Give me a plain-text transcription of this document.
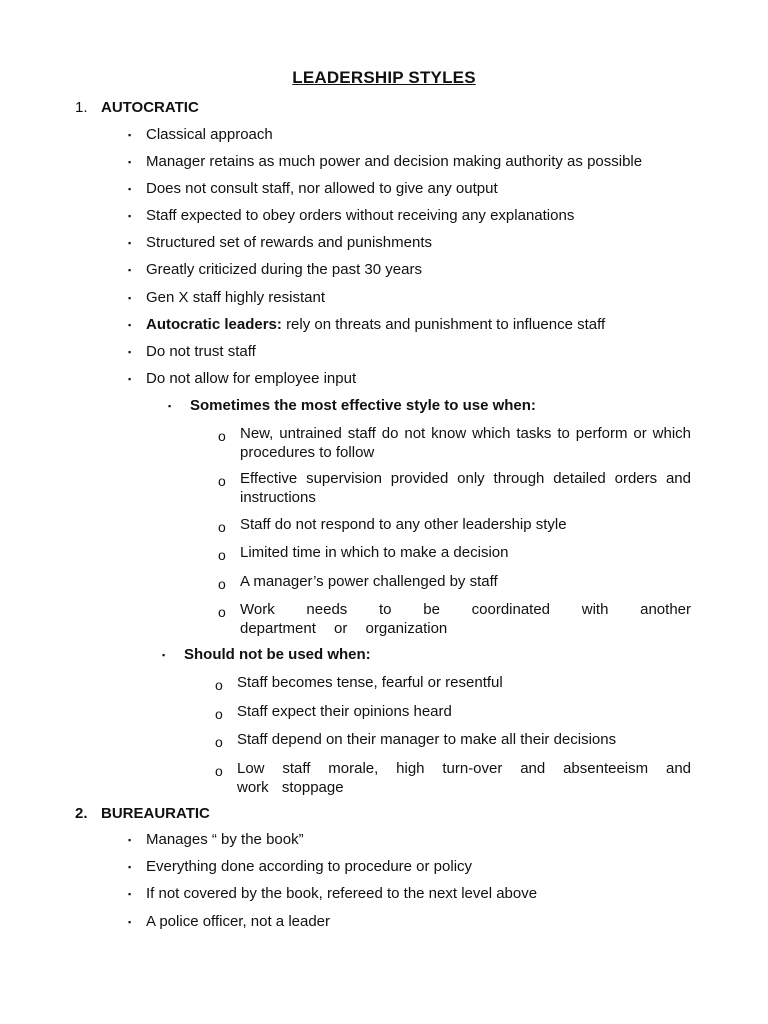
LEADERSHIP STYLES
1. AUTOCRATIC
▪ Classical approach
▪ Manager retains as much power and decision making authority as possible
▪ Does not consult staff, nor allowed to give any output
▪ Staff expected to obey orders without receiving any explanations
▪ Structured set of rewards and punishments
▪ Greatly criticized during the past 30 years
▪ Gen X staff highly resistant
▪ Autocratic leaders: rely on threats and punishment to influence staff
▪ Do not trust staff
▪ Do not allow for employee input
▪ Sometimes the most effective style to use when:
o New, untrained staff do not know which tasks to perform or which procedures to follow
o Effective supervision provided only through detailed orders and instructions
o Staff do not respond to any other leadership style
o Limited time in which to make a decision
o A manager’s power challenged by staff
o Work needs to be coordinated with another department or organization
▪ Should not be used when:
o Staff becomes tense, fearful or resentful
o Staff expect their opinions heard
o Staff depend on their manager to make all their decisions
o Low staff morale, high turn-over and absenteeism and work stoppage
2. BUREAURATIC
▪ Manages “ by the book”
▪ Everything done according to procedure or policy
▪ If not covered by the book, refereed to the next level above
▪ A police officer, not a leader
